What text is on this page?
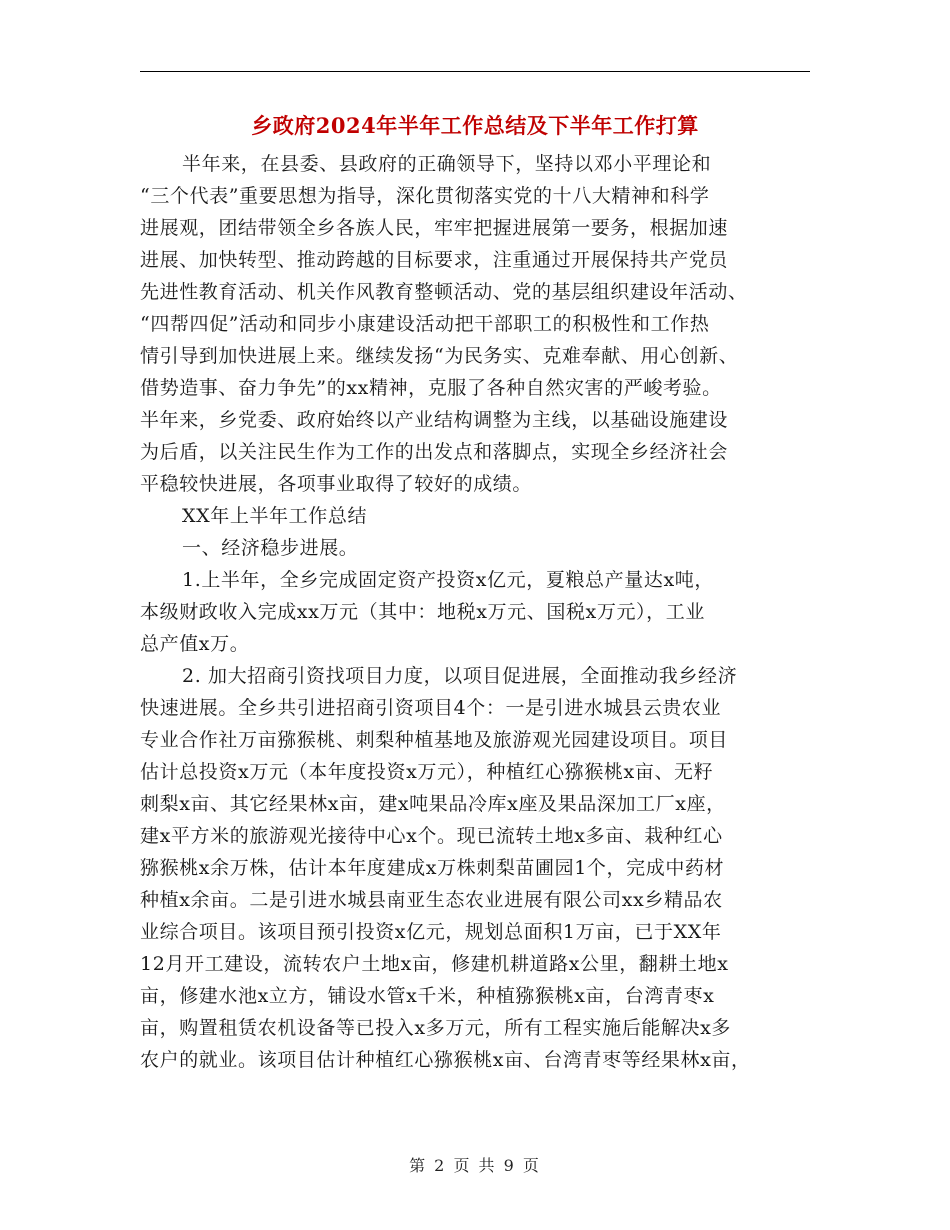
乡政府2024年半年工作总结及下半年工作打算
半年来，在县委、县政府的正确领导下，坚持以邓小平理论和
“三个代表”重要思想为指导，深化贯彻落实党的十八大精神和科学
进展观，团结带领全乡各族人民，牢牢把握进展第一要务，根据加速
进展、加快转型、推动跨越的目标要求，注重通过开展保持共产党员
先进性教育活动、机关作风教育整顿活动、党的基层组织建设年活动、
“四帮四促”活动和同步小康建设活动把干部职工的积极性和工作热
情引导到加快进展上来。继续发扬“为民务实、克难奉献、用心创新、
借势造事、奋力争先”的xx精神，克服了各种自然灾害的严峻考验。
半年来，乡党委、政府始终以产业结构调整为主线，以基础设施建设
为后盾，以关注民生作为工作的出发点和落脚点，实现全乡经济社会
平稳较快进展，各项事业取得了较好的成绩。
XX年上半年工作总结
一、经济稳步进展。
1.上半年，全乡完成固定资产投资x亿元，夏粮总产量达x吨，
本级财政收入完成xx万元（其中：地税x万元、国税x万元），工业
总产值x万。
2. 加大招商引资找项目力度，以项目促进展，全面推动我乡经济
快速进展。全乡共引进招商引资项目4个：一是引进水城县云贵农业
专业合作社万亩猕猴桃、刺梨种植基地及旅游观光园建设项目。项目
估计总投资x万元（本年度投资x万元），种植红心猕猴桃x亩、无籽
刺梨x亩、其它经果林x亩，建x吨果品冷库x座及果品深加工厂x座，
建x平方米的旅游观光接待中心x个。现已流转土地x多亩、栽种红心
猕猴桃x余万株，估计本年度建成x万株刺梨苗圃园1个，完成中药材
种植x余亩。二是引进水城县南亚生态农业进展有限公司xx乡精品农
业综合项目。该项目预引投资x亿元，规划总面积1万亩，已于XX年
12月开工建设，流转农户土地x亩，修建机耕道路x公里，翻耕土地x
亩，修建水池x立方，铺设水管x千米，种植猕猴桃x亩，台湾青枣x
亩，购置租赁农机设备等已投入x多万元，所有工程实施后能解决x多
农户的就业。该项目估计种植红心猕猴桃x亩、台湾青枣等经果林x亩，
第 2 页 共 9 页
